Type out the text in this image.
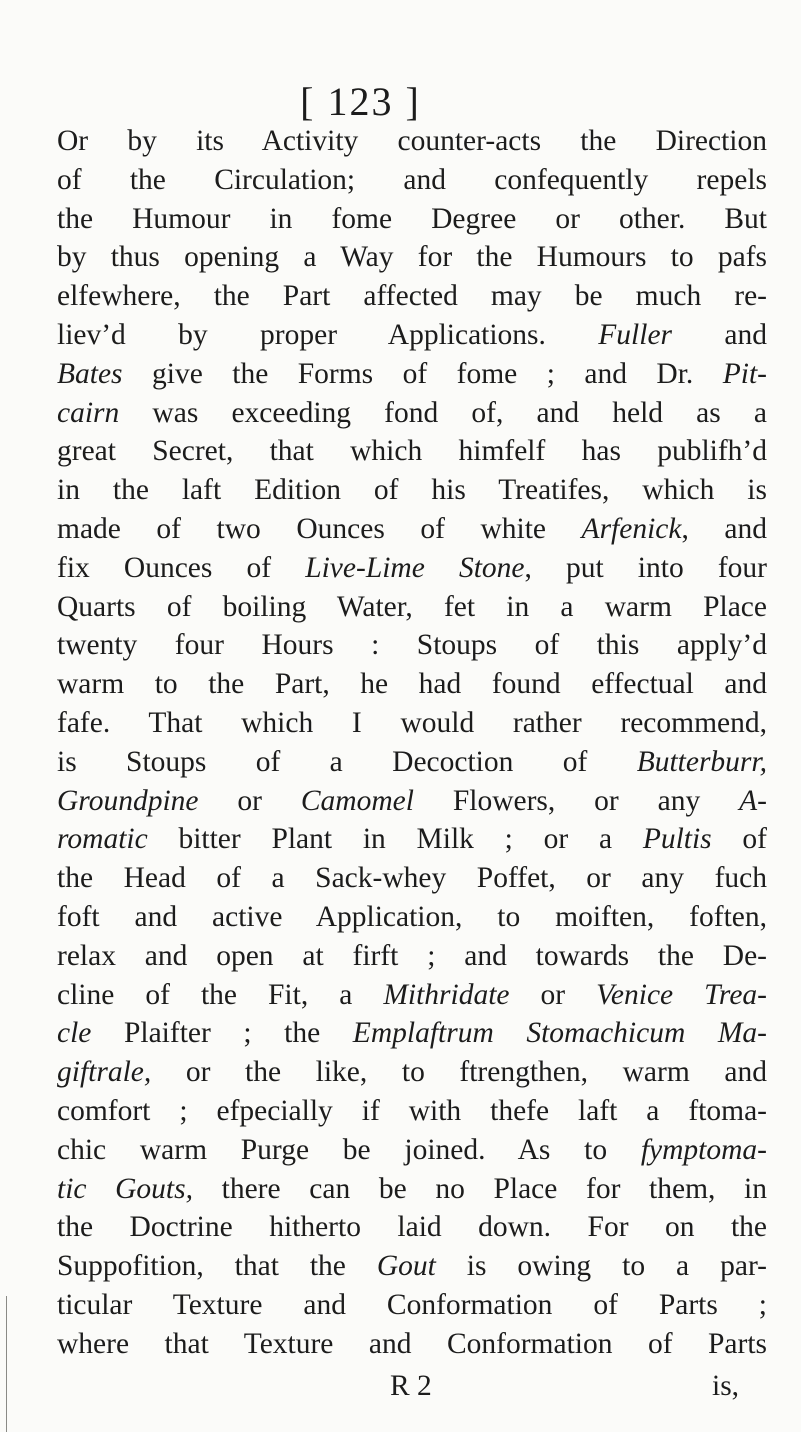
[ 123 ]
Or by its Activity counter-acts the Direction
of the Circulation; and confequently repels
the Humour in fome Degree or other. But
by thus opening a Way for the Humours to pafs
elfewhere, the Part affected may be much re-
liev’d by proper Applications. Fuller and
Bates give the Forms of fome ; and Dr. Pit-
cairn was exceeding fond of, and held as a
great Secret, that which himfelf has publifh’d
in the laft Edition of his Treatifes, which is
made of two Ounces of white Arfenick, and
fix Ounces of Live-Lime Stone, put into four
Quarts of boiling Water, fet in a warm Place
twenty four Hours : Stoups of this apply’d
warm to the Part, he had found effectual and
fafe. That which I would rather recommend,
is Stoups of a Decoction of Butterburr,
Groundpine or Camomel Flowers, or any A-
romatic bitter Plant in Milk ; or a Pultis of
the Head of a Sack-whey Poffet, or any fuch
foft and active Application, to moiften, foften,
relax and open at firft ; and towards the De-
cline of the Fit, a Mithridate or Venice Trea-
cle Plaifter ; the Emplaftrum Stomachicum Ma-
giftrale, or the like, to ftrengthen, warm and
comfort ; efpecially if with thefe laft a ftoma-
chic warm Purge be joined. As to fymptoma-
tic Gouts, there can be no Place for them, in
the Doctrine hitherto laid down. For on the
Suppofition, that the Gout is owing to a par-
ticular Texture and Conformation of Parts ;
where that Texture and Conformation of Parts
R 2	is,
